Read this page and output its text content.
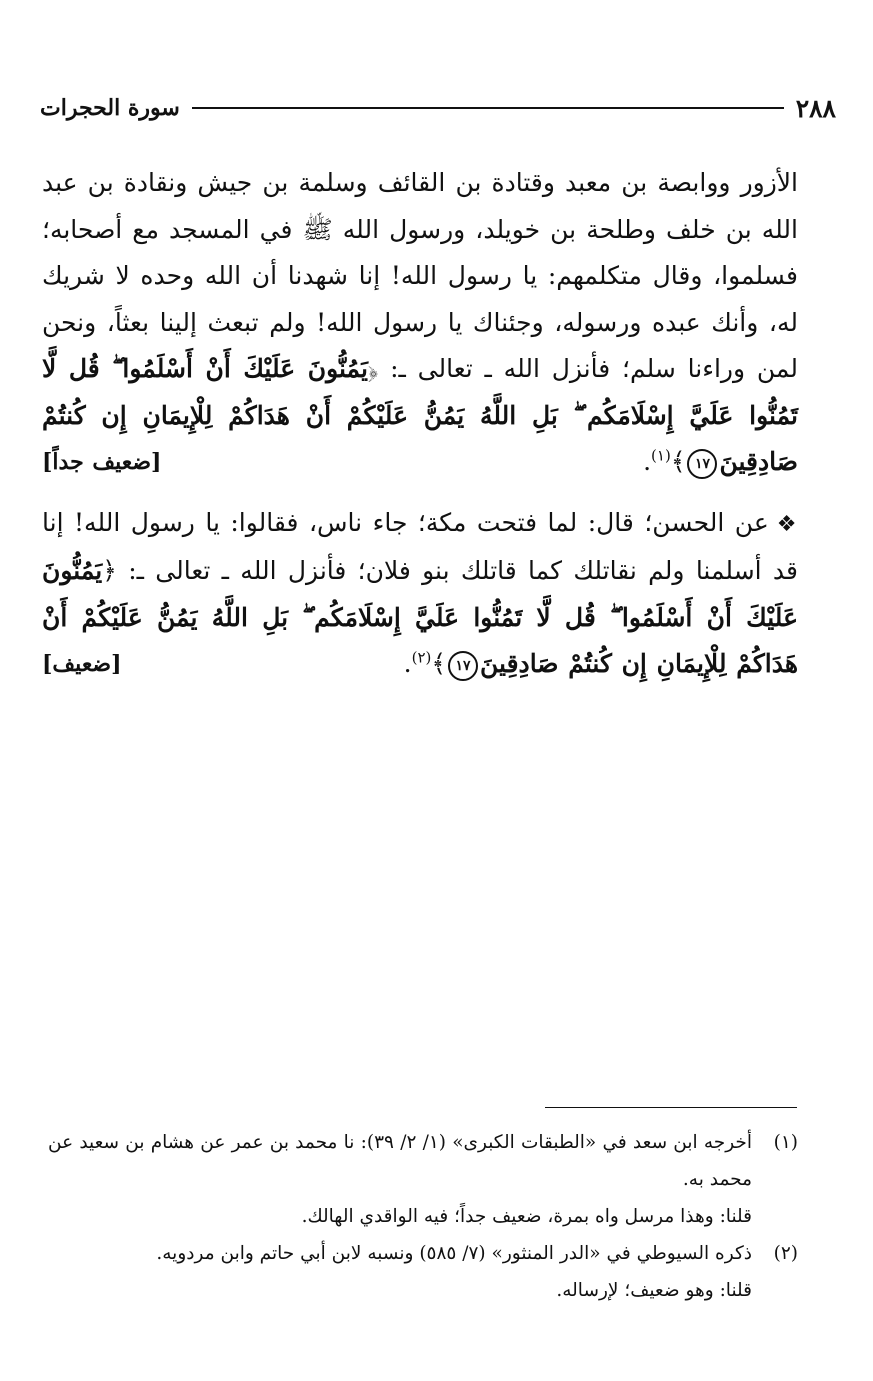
٢٨٨
سورة الحجرات

الأزور ووابصة بن معبد وقتادة بن القائف وسلمة بن جيش ونقادة بن عبد الله بن خلف وطلحة بن خويلد، ورسول الله ﷺ في المسجد مع أصحابه؛ فسلموا، وقال متكلمهم: يا رسول الله! إنا شهدنا أن الله وحده لا شريك له، وأنك عبده ورسوله، وجئناك يا رسول الله! ولم تبعث إلينا بعثاً، ونحن لمن وراءنا سلم؛ فأنزل الله ـ تعالى ـ: ﴿يَمُنُّونَ عَلَيْكَ أَنْ أَسْلَمُوا ۖ قُل لَّا تَمُنُّوا عَلَيَّ إِسْلَامَكُم ۖ بَلِ اللَّهُ يَمُنُّ عَلَيْكُمْ أَنْ هَدَاكُمْ لِلْإِيمَانِ إِن كُنتُمْ صَادِقِينَ١٧﴾$^{(١)}$.
[ضعيف جداً]

❖عن الحسن؛ قال: لما فتحت مكة؛ جاء ناس، فقالوا: يا رسول الله! إنا قد أسلمنا ولم نقاتلك كما قاتلك بنو فلان؛ فأنزل الله ـ تعالى ـ: ﴿يَمُنُّونَ عَلَيْكَ أَنْ أَسْلَمُوا ۖ قُل لَّا تَمُنُّوا عَلَيَّ إِسْلَامَكُم ۖ بَلِ اللَّهُ يَمُنُّ عَلَيْكُمْ أَنْ هَدَاكُمْ لِلْإِيمَانِ إِن كُنتُمْ صَادِقِينَ١٧﴾$^{(٢)}$.
[ضعيف]

(١)
أخرجه ابن سعد في «الطبقات الكبرى» (١/ ٢/ ٣٩): نا محمد بن عمر عن هشام بن سعيد عن محمد به.
قلنا: وهذا مرسل واه بمرة، ضعيف جداً؛ فيه الواقدي الهالك.
(٢)
ذكره السيوطي في «الدر المنثور» (٧/ ٥٨٥) ونسبه لابن أبي حاتم وابن مردويه.
قلنا: وهو ضعيف؛ لإرساله.
